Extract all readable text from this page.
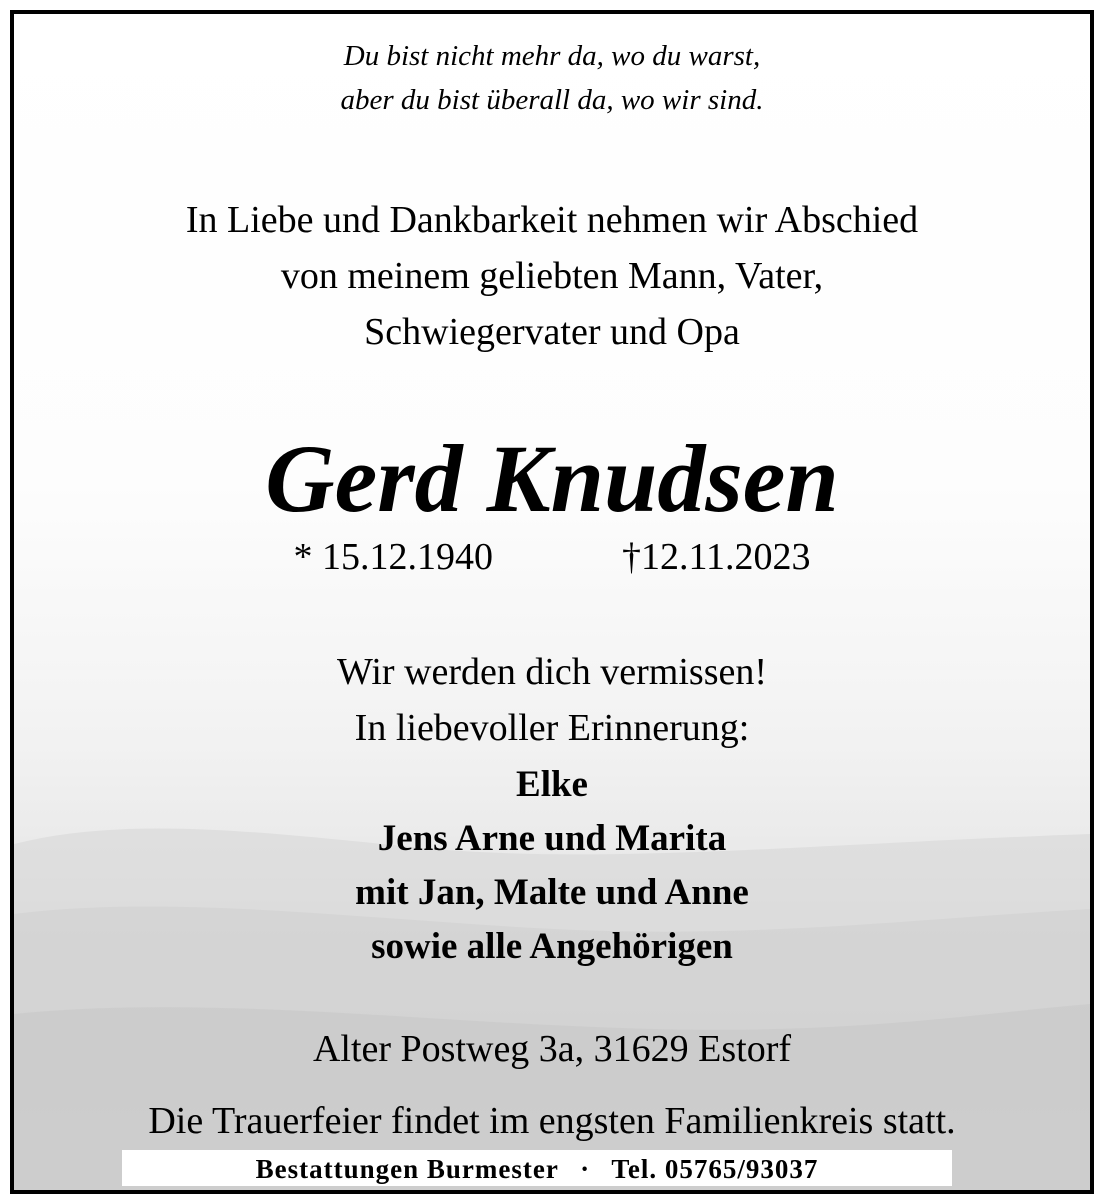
Du bist nicht mehr da, wo du warst,
aber du bist überall da, wo wir sind.
In Liebe und Dankbarkeit nehmen wir Abschied
von meinem geliebten Mann, Vater,
Schwiegervater und Opa
Gerd Knudsen
* 15.12.1940	†12.11.2023
Wir werden dich vermissen!
In liebevoller Erinnerung:
Elke
Jens Arne und Marita
mit Jan, Malte und Anne
sowie alle Angehörigen
Alter Postweg 3a, 31629 Estorf
Die Trauerfeier findet im engsten Familienkreis statt.
Bestattungen Burmester · Tel. 05765/93037
